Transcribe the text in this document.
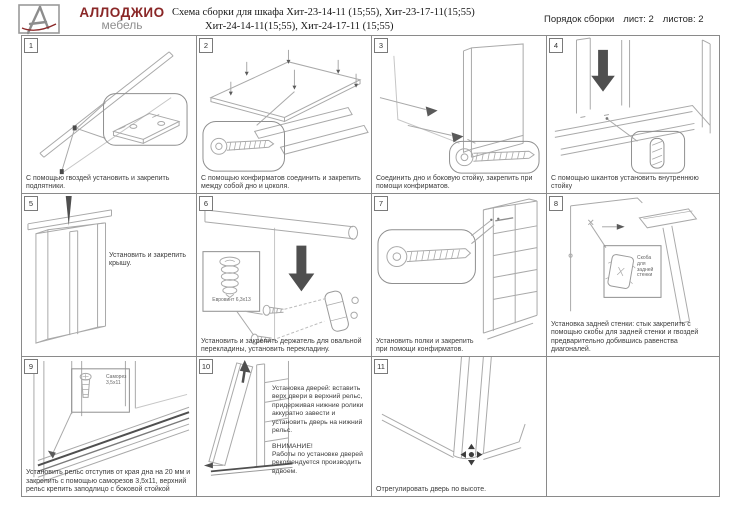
АЛЛОДЖИО
мебель
Схема сборки для шкафа Хит-23-14-11 (15;55), Хит-23-17-11(15;55)
Хит-24-14-11(15;55), Хит-24-17-11 (15;55)
Порядок сборки лист: 2 листов: 2
1
С помощью гвоздей установить и закрепить подпятники.
2
С помощью конфирматов соединить и закрепить между собой дно и цоколя.
3
Соединить дно и боковую стойку, закрепить при помощи конфирматов.
4
С помощью шкантов установить внутреннюю стойку
5
Установить и закрепить крышу.
6
Евровинт 6,3х13
Установить и закрепить держатель для овальной перекладины, установить перекладину.
7
Установить полки и закрепить при помощи конфирматов.
8
Скоба для задней стенки
Установка задней стенки: стык закрепить с помощью скобы для задней стенки и гвоздей предварительно добившись равенства диагоналей.
9
Саморез 3,5х11
Установить рельс отступив от края дна на 20 мм и закрепить с помощью саморезов 3,5х11, верхний рельс крепить заподлицо с боковой стойкой
10
Установка дверей: вставить верх двери в верхний рельс, придерживая нижние ролики аккуратно завести и установить дверь на нижний рельс.
ВНИМАНИЕ!
Работы по установке дверей рекомендуется производить вдвоем.
11
Отрегулировать дверь по высоте.
